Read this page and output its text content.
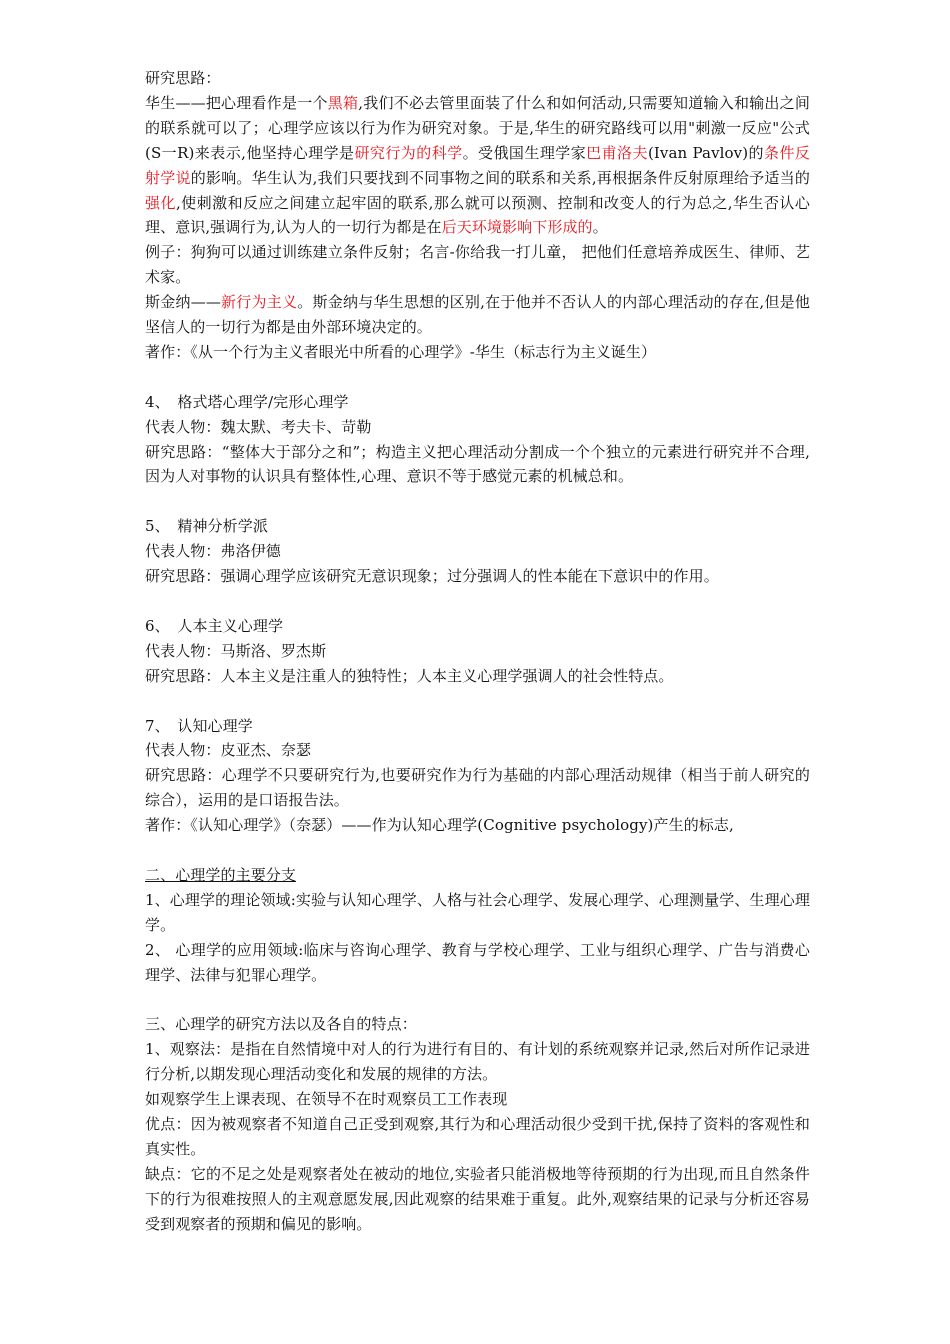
研究思路：

华生——把心理看作是一个黑箱,我们不必去管里面装了什么和如何活动,只需要知道输入和输出之间的联系就可以了；心理学应该以行为作为研究对象。于是,华生的研究路线可以用"刺激一反应"公式(S一R)来表示,他坚持心理学是研究行为的科学。受俄国生理学家巴甫洛夫(Ivan Pavlov)的条件反射学说的影响。华生认为,我们只要找到不同事物之间的联系和关系,再根据条件反射原理给予适当的强化,使刺激和反应之间建立起牢固的联系,那么就可以预测、控制和改变人的行为总之,华生否认心理、意识,强调行为,认为人的一切行为都是在后天环境影响下形成的。

例子：狗狗可以通过训练建立条件反射；名言-你给我一打儿童， 把他们任意培养成医生、律师、艺术家。

斯金纳——新行为主义。斯金纳与华生思想的区别,在于他并不否认人的内部心理活动的存在,但是他坚信人的一切行为都是由外部环境决定的。

著作：《从一个行为主义者眼光中所看的心理学》-华生（标志行为主义诞生）

4、　格式塔心理学/完形心理学

代表人物：魏太默、考夫卡、苛勒

研究思路：“整体大于部分之和”；构造主义把心理活动分割成一个个独立的元素进行研究并不合理,因为人对事物的认识具有整体性,心理、意识不等于感觉元素的机械总和。

5、　精神分析学派

代表人物：弗洛伊德

研究思路：强调心理学应该研究无意识现象；过分强调人的性本能在下意识中的作用。

6、　人本主义心理学

代表人物：马斯洛、罗杰斯

研究思路：人本主义是注重人的独特性；人本主义心理学强调人的社会性特点。

7、　认知心理学

代表人物：皮亚杰、奈瑟

研究思路：心理学不只要研究行为,也要研究作为行为基础的内部心理活动规律（相当于前人研究的综合），运用的是口语报告法。

著作：《认知心理学》（奈瑟）——作为认知心理学(Cognitive psychology)产生的标志,

二、心理学的主要分支

1、心理学的理论领域:实验与认知心理学、人格与社会心理学、发展心理学、心理测量学、生理心理学。

2、 心理学的应用领域:临床与咨询心理学、教育与学校心理学、工业与组织心理学、广告与消费心理学、法律与犯罪心理学。

三、心理学的研究方法以及各自的特点：

1、观察法：是指在自然情境中对人的行为进行有目的、有计划的系统观察并记录,然后对所作记录进行分析,以期发现心理活动变化和发展的规律的方法。

如观察学生上课表现、在领导不在时观察员工工作表现

优点：因为被观察者不知道自己正受到观察,其行为和心理活动很少受到干扰,保持了资料的客观性和真实性。

缺点：它的不足之处是观察者处在被动的地位,实验者只能消极地等待预期的行为出现,而且自然条件下的行为很难按照人的主观意愿发展,因此观察的结果难于重复。此外,观察结果的记录与分析还容易受到观察者的预期和偏见的影响。
